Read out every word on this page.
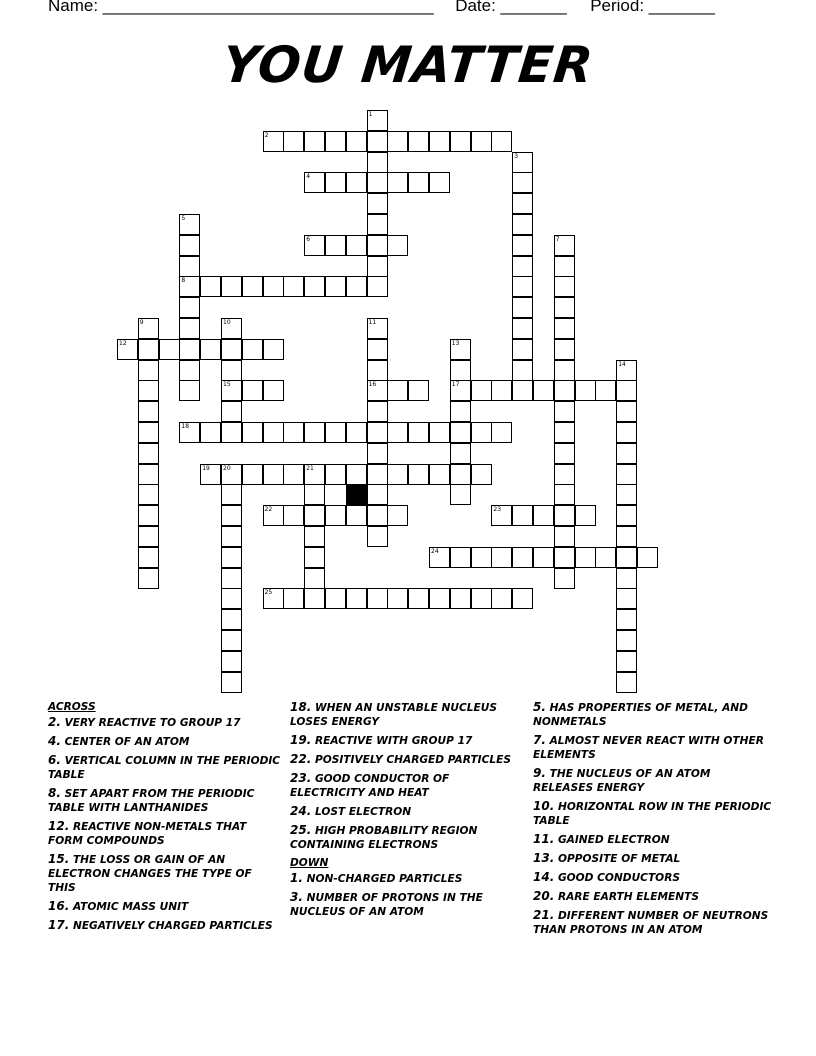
Name: ___________________________________ Date: _______ Period: _______
YOU MATTER
1
2
3
4
5
6	7
8
9	10	11
12	13
14
15	16	17
18
19 20	21
22	23
24
25
ACROSS
2. VERY REACTIVE TO GROUP 17
4. CENTER OF AN ATOM
6. VERTICAL COLUMN IN THE PERIODIC TABLE
8. SET APART FROM THE PERIODIC TABLE WITH LANTHANIDES
12. REACTIVE NON-METALS THAT FORM COMPOUNDS
15. THE LOSS OR GAIN OF AN ELECTRON CHANGES THE TYPE OF THIS
16. ATOMIC MASS UNIT
17. NEGATIVELY CHARGED PARTICLES
18. WHEN AN UNSTABLE NUCLEUS LOSES ENERGY
19. REACTIVE WITH GROUP 17
22. POSITIVELY CHARGED PARTICLES
23. GOOD CONDUCTOR OF ELECTRICITY AND HEAT
24. LOST ELECTRON
25. HIGH PROBABILITY REGION CONTAINING ELECTRONS
DOWN
1. NON-CHARGED PARTICLES
3. NUMBER OF PROTONS IN THE NUCLEUS OF AN ATOM
5. HAS PROPERTIES OF METAL, AND NONMETALS
7. ALMOST NEVER REACT WITH OTHER ELEMENTS
9. THE NUCLEUS OF AN ATOM RELEASES ENERGY
10. HORIZONTAL ROW IN THE PERIODIC TABLE
11. GAINED ELECTRON
13. OPPOSITE OF METAL
14. GOOD CONDUCTORS
20. RARE EARTH ELEMENTS
21. DIFFERENT NUMBER OF NEUTRONS THAN PROTONS IN AN ATOM
